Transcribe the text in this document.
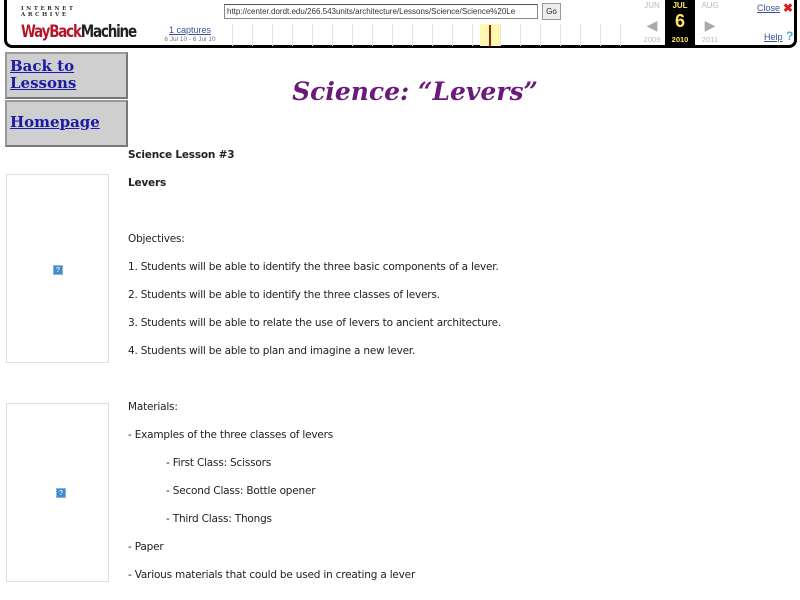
INTERNET ARCHIVE
WayBackMachine	1 captures
6 Jul 10 - 6 Jul 10
http://center.dordt.edu/266.543units/architecture/Lessons/Science/Science%20Le	Go
JUN
◀
2009
JUL
6
2010
AUG
▶
2011
Close ✖
Help ?
Back to Lessons
Homepage
Science: “Levers”
?
?
Science Lesson #3
Levers
Objectives:
1. Students will be able to identify the three basic components of a lever.
2. Students will be able to identify the three classes of levers.
3. Students will be able to relate the use of levers to ancient architecture.
4. Students will be able to plan and imagine a new lever.
Materials:
- Examples of the three classes of levers
- First Class: Scissors
- Second Class: Bottle opener
- Third Class: Thongs
- Paper
- Various materials that could be used in creating a lever
